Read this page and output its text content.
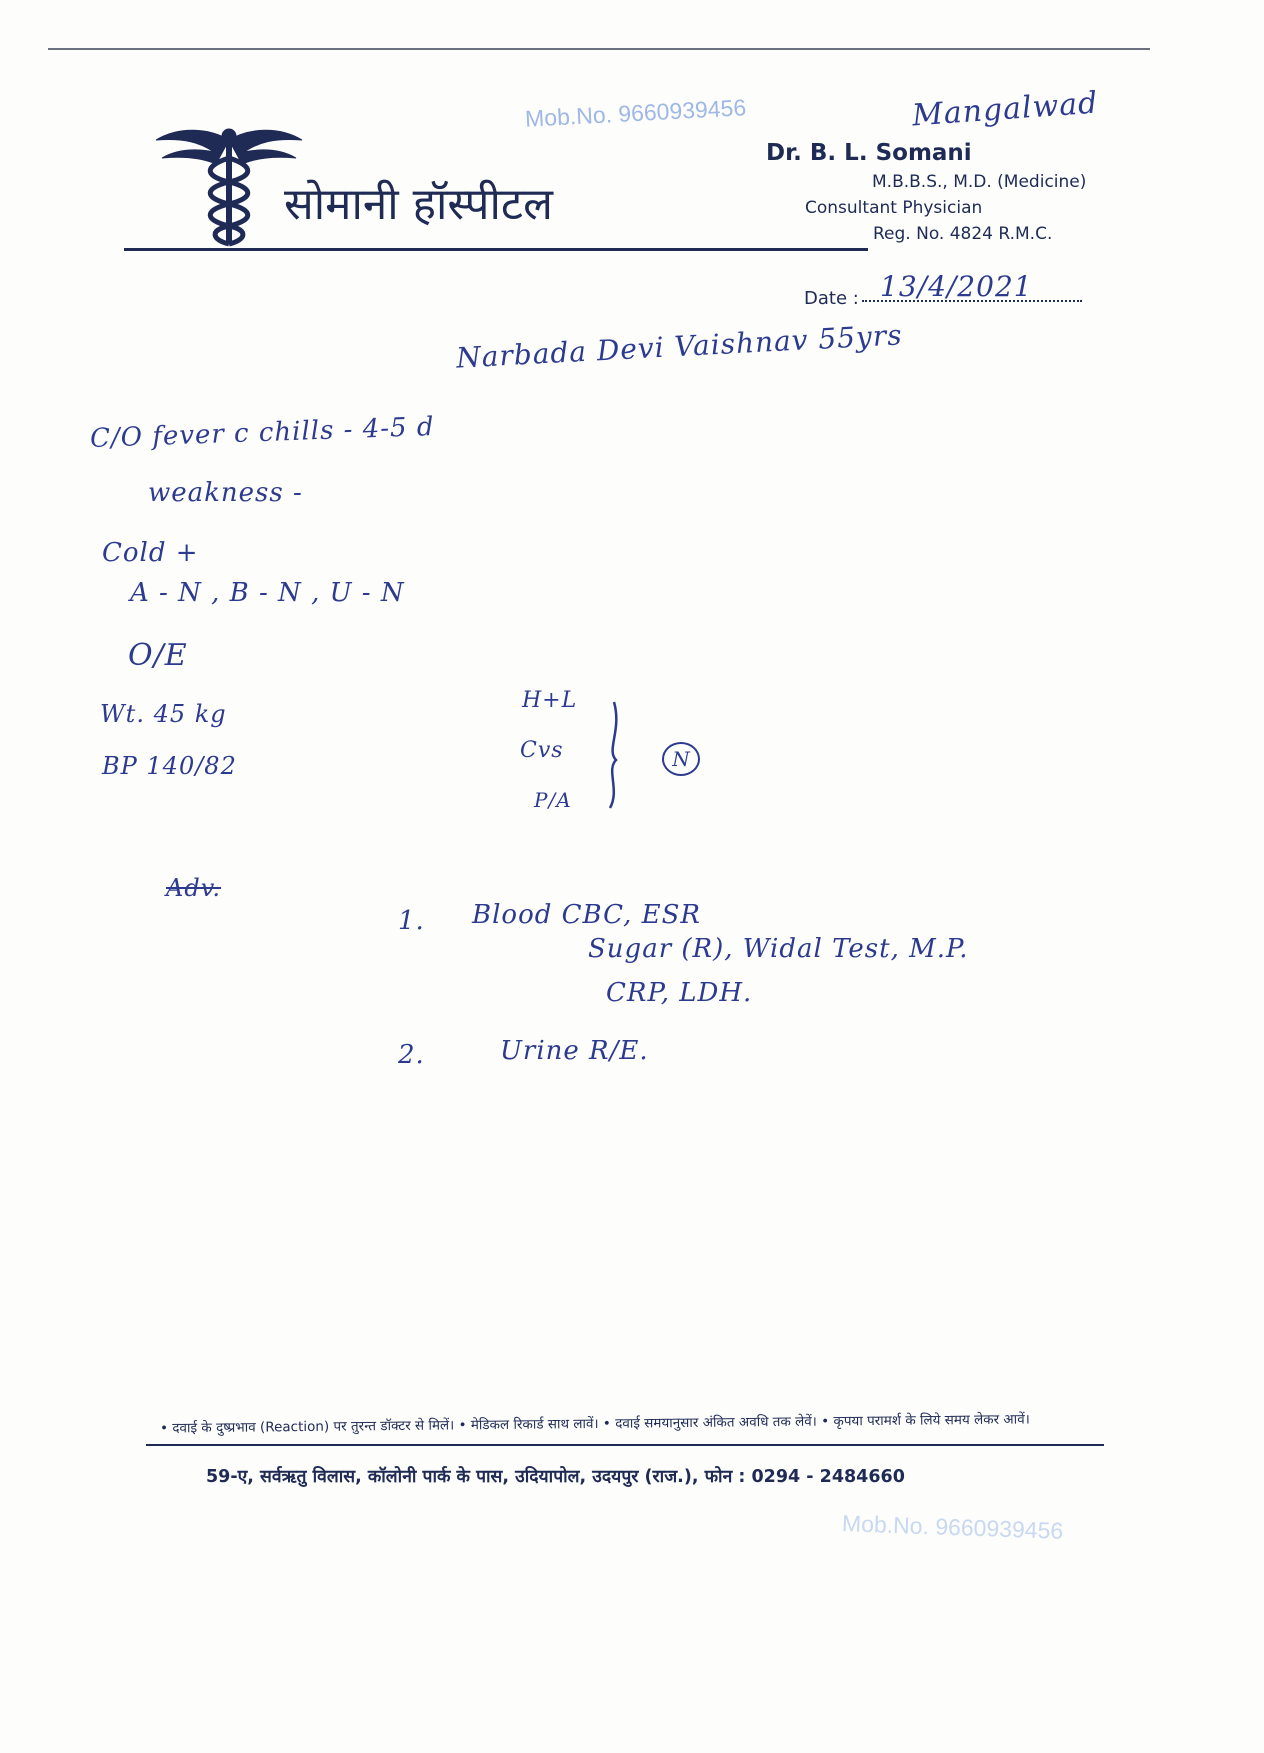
Mob.No. 9660939456	Mangalwad
सोमानी हॉस्पीटल
Dr. B. L. Somani
M.B.B.S., M.D. (Medicine)
Consultant Physician
Reg. No. 4824 R.M.C.
Date : 13/4/2021
Narbada Devi Vaishnav 55yrs
C/O fever c chills - 4-5 d
weakness -
Cold +
A - N , B - N , U - N
O/E
Wt. 45 kg
BP 140/82
H+L
Cvs
P/A
N
Adv.
1. Blood CBC, ESR
Sugar (R), Widal Test, M.P.
CRP, LDH.
2.	Urine R/E.
• दवाई के दुष्प्रभाव (Reaction) पर तुरन्त डॉक्टर से मिलें। • मेडिकल रिकार्ड साथ लावें। • दवाई समयानुसार अंकित अवधि तक लेवें। • कृपया परामर्श के लिये समय लेकर आवें।
59-ए, सर्वऋतु विलास, कॉलोनी पार्क के पास, उदियापोल, उदयपुर (राज.), फोन : 0294 - 2484660
Mob.No. 9660939456
